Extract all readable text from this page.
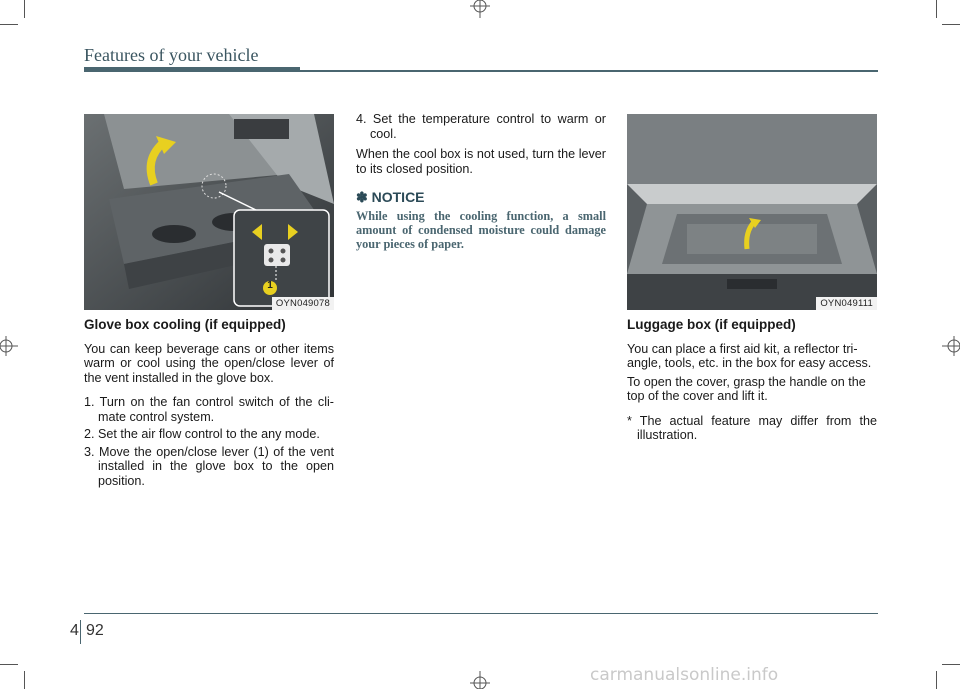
Features of your vehicle
1
OYN049078	OYN049111
Glove box cooling (if equipped)
You can keep beverage cans or other items warm or cool using the open/close lever of the vent installed in the glove box.
1. Turn on the fan control switch of the cli- mate control system.
2. Set the air flow control to the any mode.
3. Move the open/close lever (1) of the vent installed in the glove box to the open position.
4. Set the temperature control to warm or cool.
When the cool box is not used, turn the lever to its closed position.
✽ NOTICE
While using the cooling function, a small amount of condensed moisture could damage your pieces of paper.
Luggage box (if equipped)
You can place a first aid kit, a reflector tri- angle, tools, etc. in the box for easy access.
To open the cover, grasp the handle on the top of the cover and lift it.
* The actual feature may differ from the illustration.
4 92
carmanualsonline.info
